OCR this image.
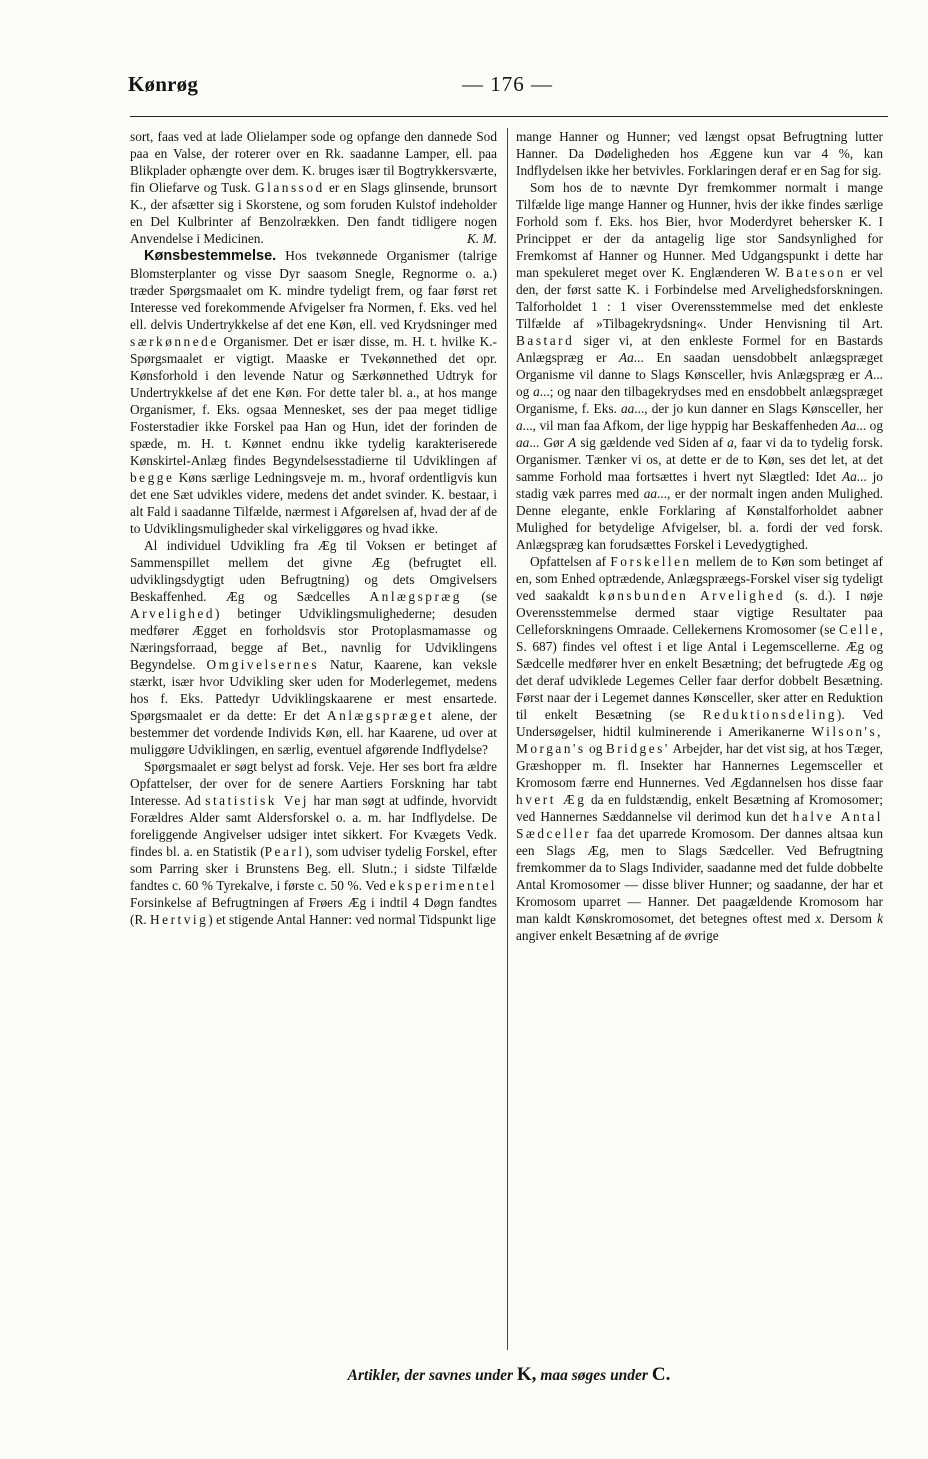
Kønrøg	— 176 —

sort, faas ved at lade Olielamper sode og opfange den dannede Sod paa en Valse, der roterer over en Rk. saadanne Lamper, ell. paa Blikplader ophængte over dem. K. bruges især til Bogtrykkersværte, fin Oliefarve og Tusk. Glanssod er en Slags glinsende, brunsort K., der afsætter sig i Skorstene, og som foruden Kulstof indeholder en Del Kulbrinter af Benzolrækken. Den fandt tidligere nogen Anvendelse i Medicinen.	K. M.

Kønsbestemmelse. Hos tvekønnede Organismer (talrige Blomsterplanter og visse Dyr saasom Snegle, Regnorme o. a.) træder Spørgsmaalet om K. mindre tydeligt frem, og faar først ret Interesse ved forekommende Afvigelser fra Normen, f. Eks. ved hel ell. delvis Undertrykkelse af det ene Køn, ell. ved Krydsninger med særkønnede Organismer. Det er især disse, m. H. t. hvilke K.-Spørgsmaalet er vigtigt. Maaske er Tvekønnethed det opr. Kønsforhold i den levende Natur og Særkønnethed Udtryk for Undertrykkelse af det ene Køn. For dette taler bl. a., at hos mange Organismer, f. Eks. ogsaa Mennesket, ses der paa meget tidlige Fosterstadier ikke Forskel paa Han og Hun, idet der forinden de spæde, m. H. t. Kønnet endnu ikke tydelig karakteriserede Kønskirtel-Anlæg findes Begyndelsesstadierne til Udviklingen af begge Køns særlige Ledningsveje m. m., hvoraf ordentligvis kun det ene Sæt udvikles videre, medens det andet svinder. K. bestaar, i alt Fald i saadanne Tilfælde, nærmest i Afgørelsen af, hvad der af de to Udviklingsmuligheder skal virkeliggøres og hvad ikke.

Al individuel Udvikling fra Æg til Voksen er betinget af Sammenspillet mellem det givne Æg (befrugtet ell. udviklingsdygtigt uden Befrugtning) og dets Omgivelsers Beskaffenhed. Æg og Sædcelles Anlægspræg (se Arvelighed) betinger Udviklingsmulighederne; desuden medfører Ægget en forholdsvis stor Protoplasmamasse og Næringsforraad, begge af Bet., navnlig for Udviklingens Begyndelse. Omgivelsernes Natur, Kaarene, kan veksle stærkt, især hvor Udvikling sker uden for Moderlegemet, medens hos f. Eks. Pattedyr Udviklingskaarene er mest ensartede. Spørgsmaalet er da dette: Er det Anlægspræget alene, der bestemmer det vordende Individs Køn, ell. har Kaarene, ud over at muliggøre Udviklingen, en særlig, eventuel afgørende Indflydelse?

Spørgsmaalet er søgt belyst ad forsk. Veje. Her ses bort fra ældre Opfattelser, der over for de senere Aartiers Forskning har tabt Interesse. Ad statistisk Vej har man søgt at udfinde, hvorvidt Forældres Alder samt Aldersforskel o. a. m. har Indflydelse. De foreliggende Angivelser udsiger intet sikkert. For Kvægets Vedk. findes bl. a. en Statistik (Pearl), som udviser tydelig Forskel, efter som Parring sker i Brunstens Beg. ell. Slutn.; i sidste Tilfælde fandtes c. 60 % Tyrekalve, i første c. 50 %. Ved eksperimentel Forsinkelse af Befrugtningen af Frøers Æg i indtil 4 Døgn fandtes (R. Hertvig) et stigende Antal Hanner: ved normal Tidspunkt lige

mange Hanner og Hunner; ved længst opsat Befrugtning lutter Hanner. Da Dødeligheden hos Æggene kun var 4 %, kan Indflydelsen ikke her betvivles. Forklaringen deraf er en Sag for sig.

Som hos de to nævnte Dyr fremkommer normalt i mange Tilfælde lige mange Hanner og Hunner, hvis der ikke findes særlige Forhold som f. Eks. hos Bier, hvor Moderdyret behersker K. I Princippet er der da antagelig lige stor Sandsynlighed for Fremkomst af Hanner og Hunner. Med Udgangspunkt i dette har man spekuleret meget over K. Englænderen W. Bateson er vel den, der først satte K. i Forbindelse med Arvelighedsforskningen. Talforholdet 1 : 1 viser Overensstemmelse med det enkleste Tilfælde af »Tilbagekrydsning«. Under Henvisning til Art. Bastard siger vi, at den enkleste Formel for en Bastards Anlægspræg er Aa... En saadan uensdobbelt anlægspræget Organisme vil danne to Slags Kønsceller, hvis Anlægspræg er A... og a...; og naar den tilbagekrydses med en ensdobbelt anlægspræget Organisme, f. Eks. aa..., der jo kun danner en Slags Kønsceller, her a..., vil man faa Afkom, der lige hyppig har Beskaffenheden Aa... og aa... Gør A sig gældende ved Siden af a, faar vi da to tydelig forsk. Organismer. Tænker vi os, at dette er de to Køn, ses det let, at det samme Forhold maa fortsættes i hvert nyt Slægtled: Idet Aa... jo stadig væk parres med aa..., er der normalt ingen anden Mulighed. Denne elegante, enkle Forklaring af Kønstalforholdet aabner Mulighed for betydelige Afvigelser, bl. a. fordi der ved forsk. Anlægspræg kan forudsættes Forskel i Levedygtighed.

Opfattelsen af Forskellen mellem de to Køn som betinget af en, som Enhed optrædende, Anlægspræegs-Forskel viser sig tydeligt ved saakaldt kønsbunden Arvelighed (s. d.). I nøje Overensstemmelse dermed staar vigtige Resultater paa Celleforskningens Omraade. Cellekernens Kromosomer (se Celle, S. 687) findes vel oftest i et lige Antal i Legemscellerne. Æg og Sædcelle medfører hver en enkelt Besætning; det befrugtede Æg og det deraf udviklede Legemes Celler faar derfor dobbelt Besætning. Først naar der i Legemet dannes Kønsceller, sker atter en Reduktion til enkelt Besætning (se Reduktionsdeling). Ved Undersøgelser, hidtil kulminerende i Amerikanerne Wilson's, Morgan's og Bridges' Arbejder, har det vist sig, at hos Tæger, Græshopper m. fl. Insekter har Hannernes Legemsceller et Kromosom færre end Hunnernes. Ved Ægdannelsen hos disse faar hvert Æg da en fuldstændig, enkelt Besætning af Kromosomer; ved Hannernes Sæddannelse vil derimod kun det halve Antal Sædceller faa det uparrede Kromosom. Der dannes altsaa kun een Slags Æg, men to Slags Sædceller. Ved Befrugtning fremkommer da to Slags Individer, saadanne med det fulde dobbelte Antal Kromosomer — disse bliver Hunner; og saadanne, der har et Kromosom uparret — Hanner. Det paagældende Kromosom har man kaldt Kønskromosomet, det betegnes oftest med x. Dersom k angiver enkelt Besætning af de øvrige

Artikler, der savnes under K, maa søges under C.
